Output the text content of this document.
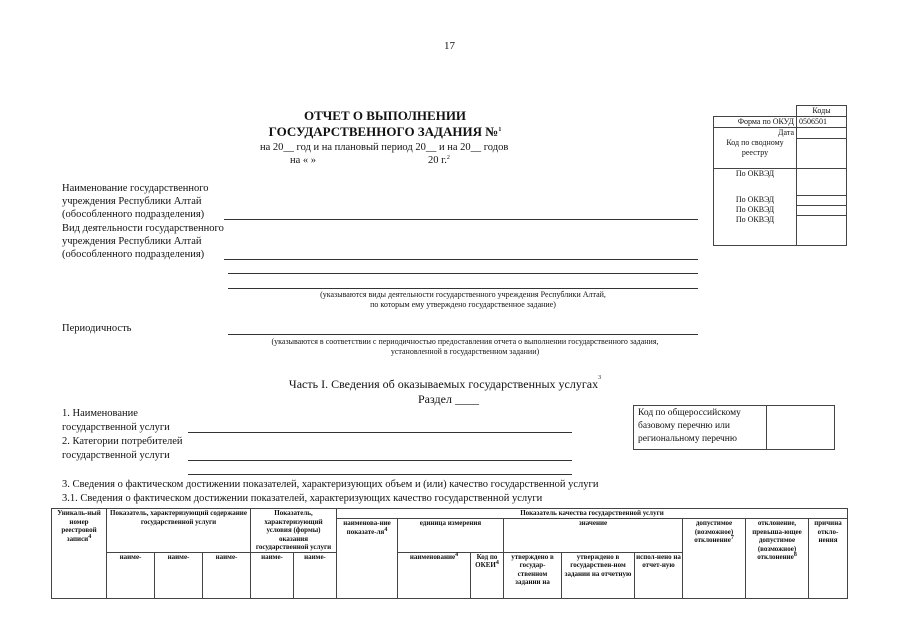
17
ОТЧЕТ О ВЫПОЛНЕНИИ
ГОСУДАРСТВЕННОГО ЗАДАНИЯ №$^1$
на 20__ год и на плановый период 20__ и на 20__ годов
на « »	20 г.$^2$
	Коды
Форма по ОКУД	0506501
Дата	
Код по сводному реестру	
По ОКВЭД	
По ОКВЭД	
По ОКВЭД	
По ОКВЭД	
Наименование государственного
учреждения Республики Алтай
(обособленного подразделения)
Вид деятельности государственного
учреждения Республики Алтай
(обособленного подразделения)
(указываются виды деятельности государственного учреждения Республики Алтай,
по которым ему утверждено государственное задание)
Периодичность
(указываются в соответствии с периодичностью предоставления отчета о выполнении государственного задания,
установленной в государственном задании)
Часть I. Сведения об оказываемых государственных услугах$^3$
Раздел ____
1. Наименование
государственной услуги
2. Категории потребителей
государственной услуги
Код по общероссийскому
базовому перечню или
региональному перечню
3. Сведения о фактическом достижении показателей, характеризующих объем и (или) качество государственной услуги
3.1. Сведения о фактическом достижении показателей, характеризующих качество государственной услуги
Уникаль-ный номер реестровой записи$^4$	Показатель, характеризующий содержание государственной услуги			Показатель, характеризующий условия (формы) оказания государственной услуги		Показатель качества государственной услуги								
						наименова-ние показате-$ля^4$	единица измерения		значение			допустимое (возможное) отклонение$^7$	отклонение, превыша-ющее допустимое (возможное) отклонение$^8$	причина откло-нения
	наиме-	наиме-	наиме-	наиме-	наиме-		наименование$^4$	Код по ОКЕИ$^4$	утверждено в государ-ственном задании на	утверждено в государствен-ном задании на отчетную	испол-нено на отчет-ную			
